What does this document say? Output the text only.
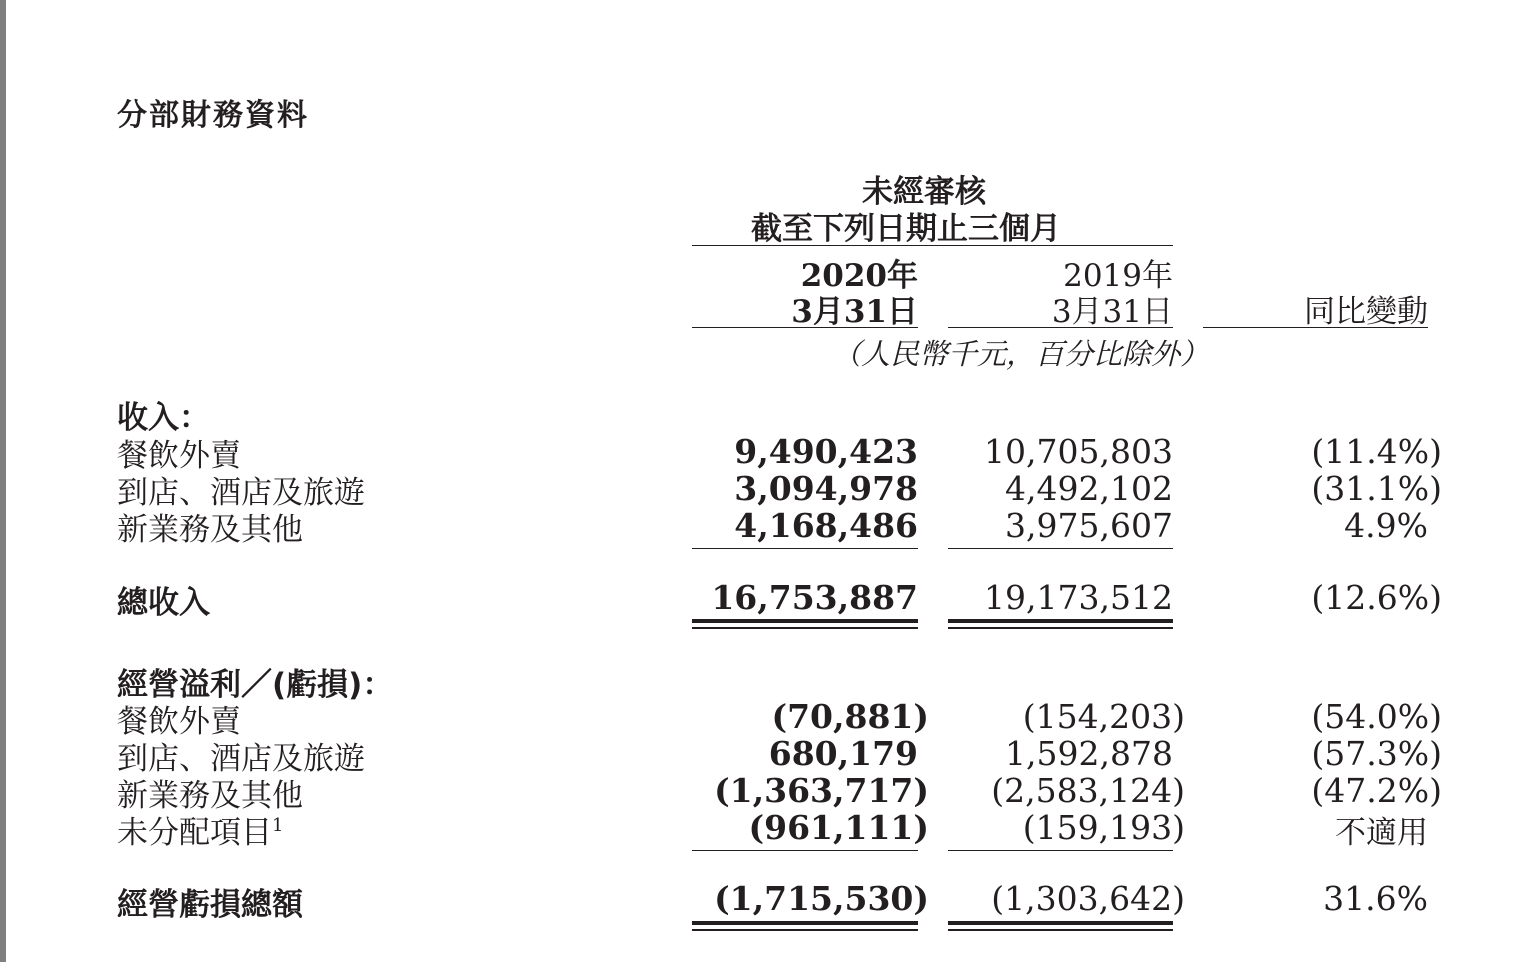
分部財務資料
未經審核
截至下列日期止三個月
2020年
3月31日
2019年
3月31日	同比變動
（人民幣千元，百分比除外）
收入：
餐飲外賣	9,490,423 10,705,803	(11.4%)
到店、酒店及旅遊	3,094,978	4,492,102	(31.1%)
新業務及其他	4,168,486	3,975,607	4.9%
總收入	16,753,887 19,173,512	(12.6%)
經營溢利／(虧損)：
餐飲外賣	(70,881)	(154,203)	(54.0%)
到店、酒店及旅遊	680,179	1,592,878	(57.3%)
新業務及其他	(1,363,717) (2,583,124)	(47.2%)
未分配項目$^1$	(961,111)	(159,193)	不適用
經營虧損總額	(1,715,530) (1,303,642)	31.6%
